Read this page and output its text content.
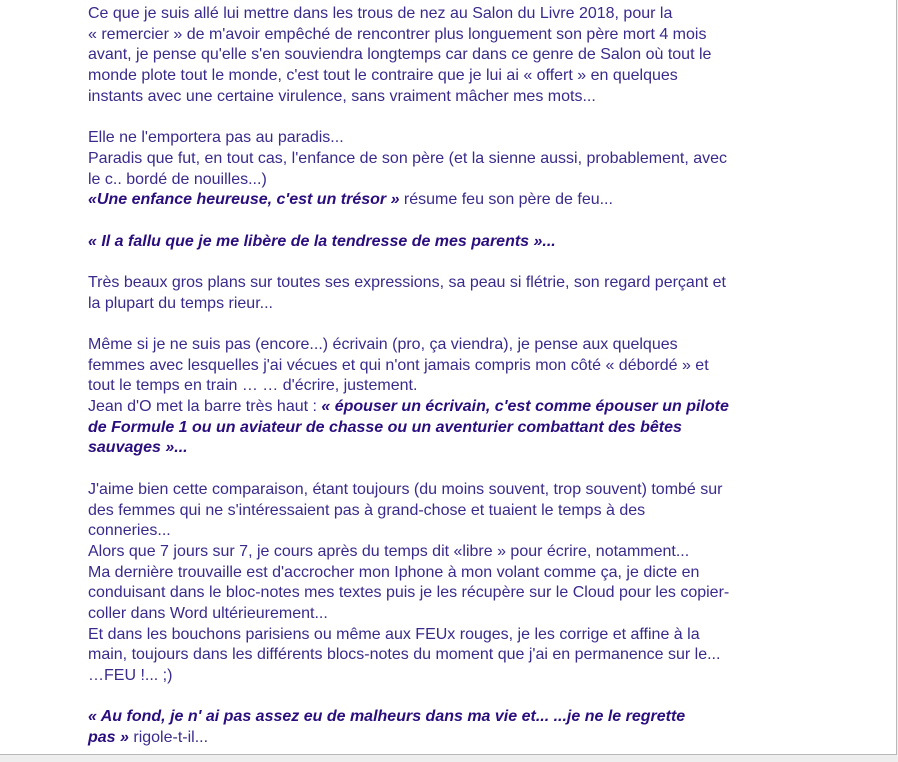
Ce que je suis allé lui mettre dans les trous de nez au Salon du Livre 2018, pour la
« remercier » de m'avoir empêché de rencontrer plus longuement son père mort 4 mois
avant, je pense qu'elle s'en souviendra longtemps car dans ce genre de Salon où tout le
monde plote tout le monde, c'est tout le contraire que je lui ai « offert » en quelques
instants avec une certaine virulence, sans vraiment mâcher mes mots...
Elle ne l'emportera pas au paradis...
Paradis que fut, en tout cas, l'enfance de son père (et la sienne aussi, probablement, avec
le c.. bordé de nouilles...)
«Une enfance heureuse, c'est un trésor » résume feu son père de feu...
« Il a fallu que je me libère de la tendresse de mes parents »...
Très beaux gros plans sur toutes ses expressions, sa peau si flétrie, son regard perçant et
la plupart du temps rieur...
Même si je ne suis pas (encore...) écrivain (pro, ça viendra), je pense aux quelques
femmes avec lesquelles j'ai vécues et qui n'ont jamais compris mon côté « débordé » et
tout le temps en train … … d'écrire, justement.
Jean d'O met la barre très haut : « épouser un écrivain, c'est comme épouser un pilote
de Formule 1 ou un aviateur de chasse ou un aventurier combattant des bêtes
sauvages »...
J'aime bien cette comparaison, étant toujours (du moins souvent, trop souvent) tombé sur
des femmes qui ne s'intéressaient pas à grand-chose et tuaient le temps à des
conneries...
Alors que 7 jours sur 7, je cours après du temps dit «libre » pour écrire, notamment...
Ma dernière trouvaille est d'accrocher mon Iphone à mon volant comme ça, je dicte en
conduisant dans le bloc-notes mes textes puis je les récupère sur le Cloud pour les copier-
coller dans Word ultérieurement...
Et dans les bouchons parisiens ou même aux FEUx rouges, je les corrige et affine à la
main, toujours dans les différents blocs-notes du moment que j'ai en permanence sur le...
…FEU !... ;)
« Au fond, je n' ai pas assez eu de malheurs dans ma vie et... ...je ne le regrette
pas » rigole-t-il...
